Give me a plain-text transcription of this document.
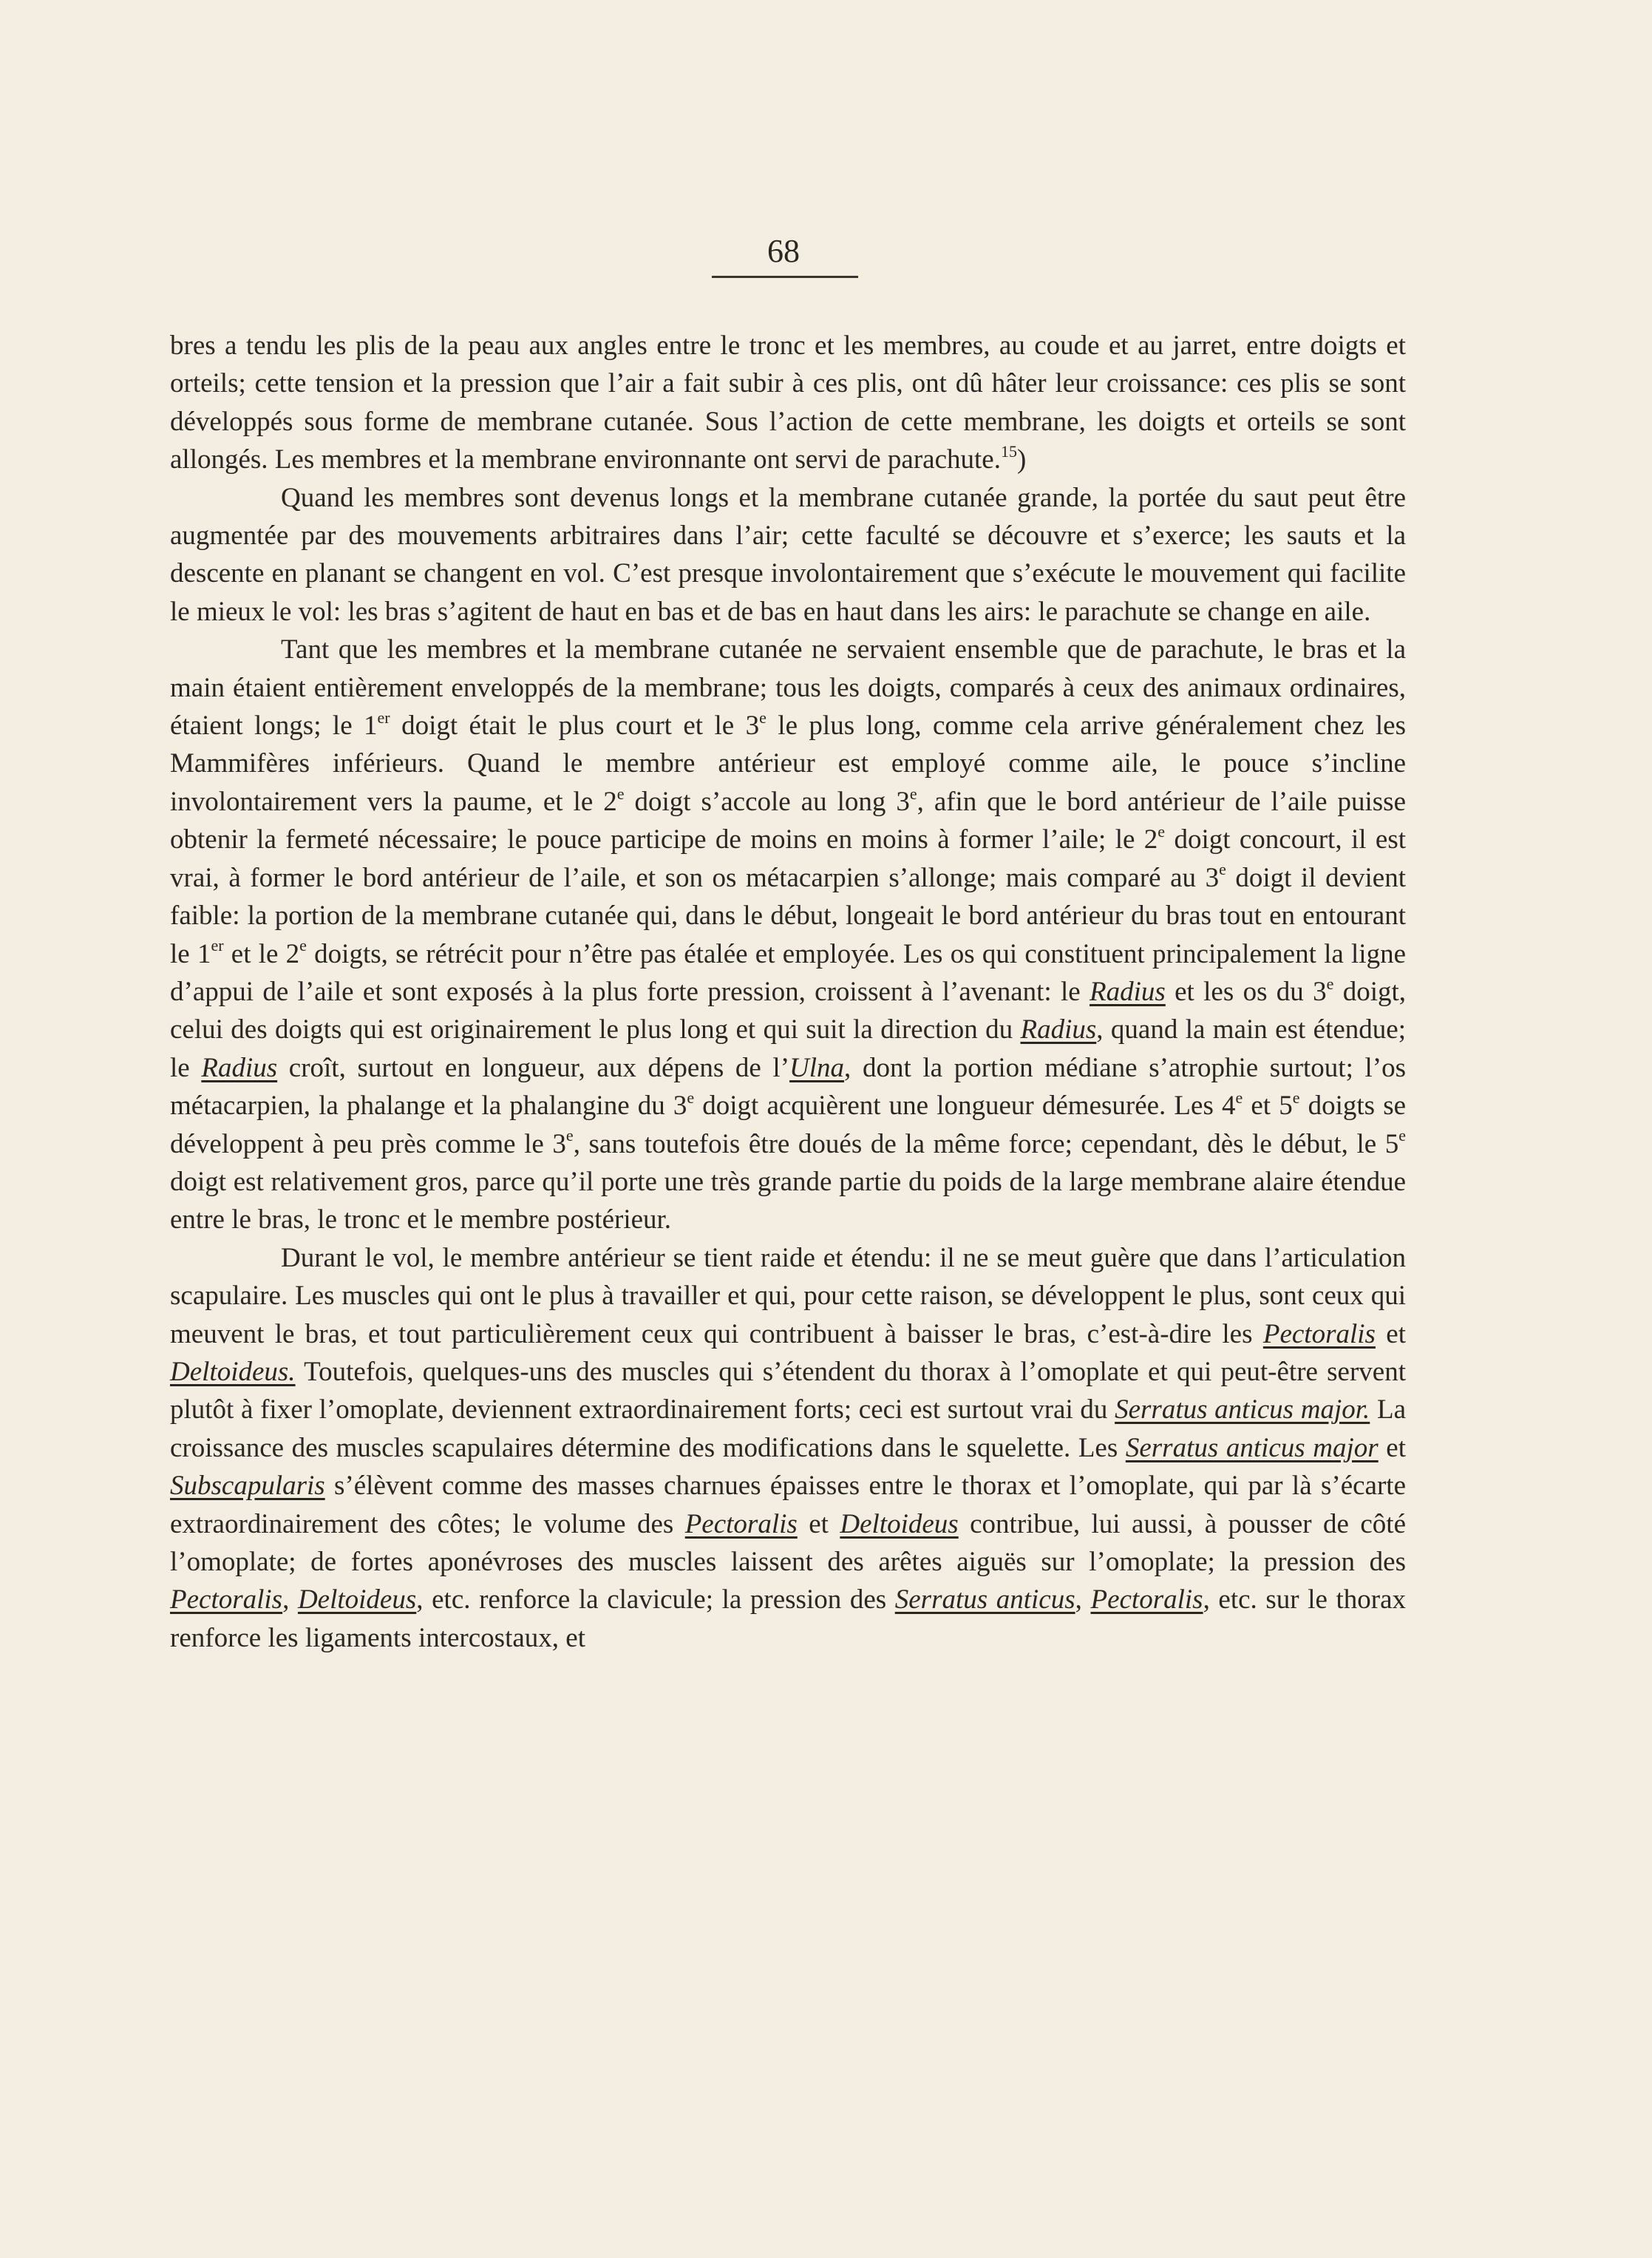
68

bres a tendu les plis de la peau aux angles entre le tronc et les membres, au coude et au jarret, entre doigts et orteils; cette tension et la pression que l’air a fait subir à ces plis, ont dû hâter leur croissance: ces plis se sont développés sous forme de membrane cutanée. Sous l’action de cette membrane, les doigts et orteils se sont allongés. Les membres et la membrane environnante ont servi de parachute.$^{15}$)

Quand les membres sont devenus longs et la membrane cutanée grande, la portée du saut peut être augmentée par des mouvements arbitraires dans l’air; cette faculté se découvre et s’exerce; les sauts et la descente en planant se changent en vol. C’est presque involontairement que s’exécute le mouvement qui facilite le mieux le vol: les bras s’agitent de haut en bas et de bas en haut dans les airs: le parachute se change en aile.

Tant que les membres et la membrane cutanée ne servaient ensemble que de parachute, le bras et la main étaient entièrement enveloppés de la membrane; tous les doigts, comparés à ceux des animaux ordinaires, étaient longs; le 1er doigt était le plus court et le 3e le plus long, comme cela arrive généralement chez les Mammifères inférieurs. Quand le membre antérieur est employé comme aile, le pouce s’incline involontairement vers la paume, et le 2e doigt s’accole au long 3e, afin que le bord antérieur de l’aile puisse obtenir la fermeté nécessaire; le pouce participe de moins en moins à former l’aile; le 2e doigt concourt, il est vrai, à former le bord antérieur de l’aile, et son os métacarpien s’allonge; mais comparé au 3e doigt il devient faible: la portion de la membrane cutanée qui, dans le début, longeait le bord antérieur du bras tout en entourant le 1er et le 2e doigts, se rétrécit pour n’être pas étalée et employée. Les os qui constituent principalement la ligne d’appui de l’aile et sont exposés à la plus forte pression, croissent à l’avenant: le Radius et les os du 3e doigt, celui des doigts qui est originairement le plus long et qui suit la direction du Radius, quand la main est étendue; le Radius croît, surtout en longueur, aux dépens de l’Ulna, dont la portion médiane s’atrophie surtout; l’os métacarpien, la phalange et la phalangine du 3e doigt acquièrent une longueur démesurée. Les 4e et 5e doigts se développent à peu près comme le 3e, sans toutefois être doués de la même force; cependant, dès le début, le 5e doigt est relativement gros, parce qu’il porte une très grande partie du poids de la large membrane alaire étendue entre le bras, le tronc et le membre postérieur.

Durant le vol, le membre antérieur se tient raide et étendu: il ne se meut guère que dans l’articulation scapulaire. Les muscles qui ont le plus à travailler et qui, pour cette raison, se développent le plus, sont ceux qui meuvent le bras, et tout particulièrement ceux qui contribuent à baisser le bras, c’est-à-dire les Pectoralis et Deltoideus. Toutefois, quelques-uns des muscles qui s’étendent du thorax à l’omoplate et qui peut-être servent plutôt à fixer l’omoplate, deviennent extraordinairement forts; ceci est surtout vrai du Serratus anticus major. La croissance des muscles scapulaires détermine des modifications dans le squelette. Les Serratus anticus major et Subscapularis s’élèvent comme des masses charnues épaisses entre le thorax et l’omoplate, qui par là s’écarte extraordinairement des côtes; le volume des Pectoralis et Deltoideus contribue, lui aussi, à pousser de côté l’omoplate; de fortes aponévroses des muscles laissent des arêtes aiguës sur l’omoplate; la pression des Pectoralis, Deltoideus, etc. renforce la clavicule; la pression des Serratus anticus, Pectoralis, etc. sur le thorax renforce les ligaments intercostaux, et
